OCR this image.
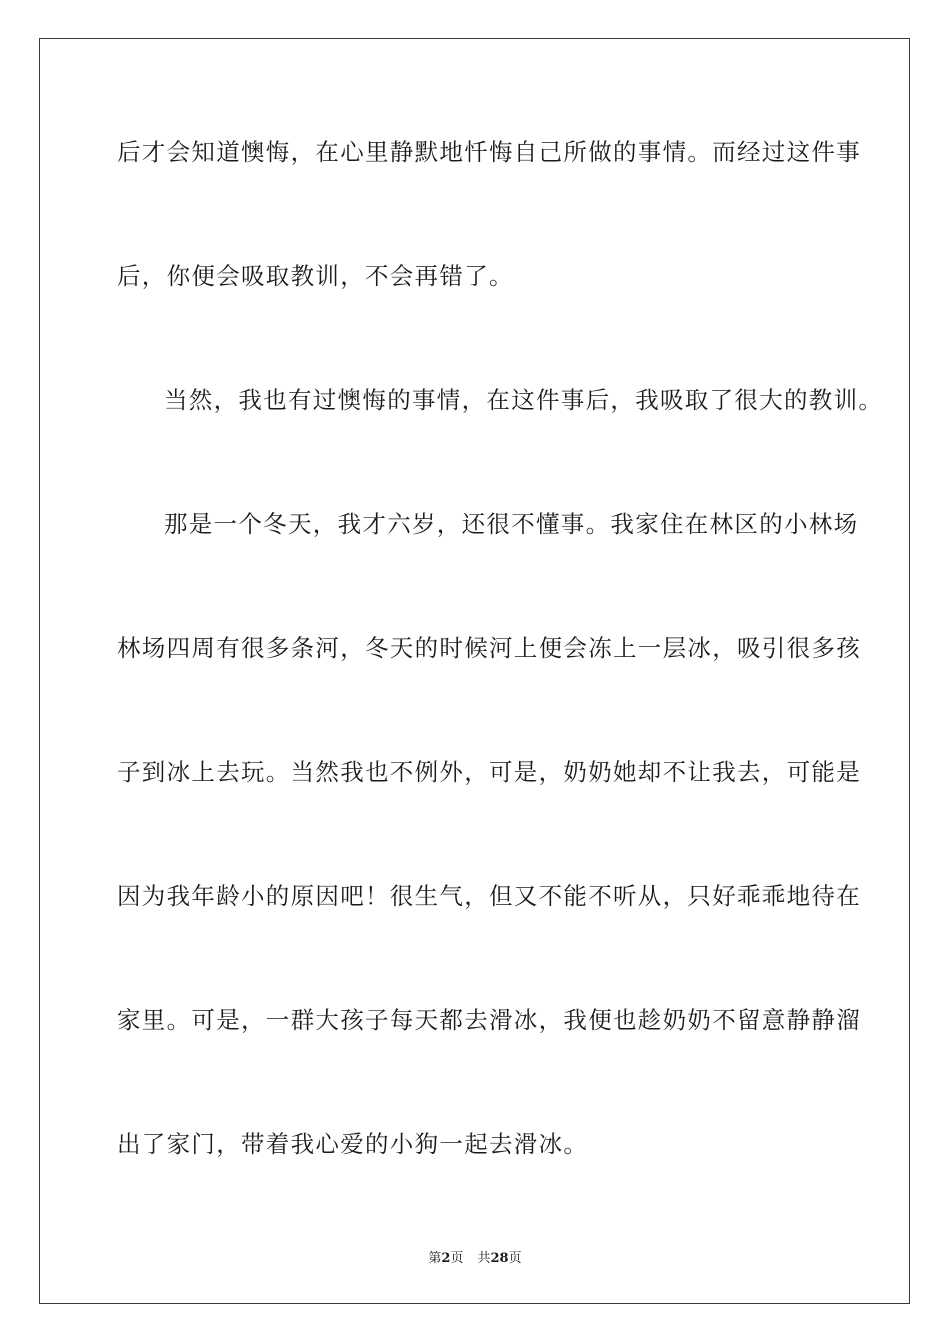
后才会知道懊悔，在心里静默地忏悔自己所做的事情。而经过这件事
后，你便会吸取教训，不会再错了。
当然，我也有过懊悔的事情，在这件事后，我吸取了很大的教训。
那是一个冬天，我才六岁，还很不懂事。我家住在林区的小林场
林场四周有很多条河，冬天的时候河上便会冻上一层冰，吸引很多孩
子到冰上去玩。当然我也不例外，可是，奶奶她却不让我去，可能是
因为我年龄小的原因吧！很生气，但又不能不听从，只好乖乖地待在
家里。可是，一群大孩子每天都去滑冰，我便也趁奶奶不留意静静溜
出了家门，带着我心爱的小狗一起去滑冰。
第2页 共28页
